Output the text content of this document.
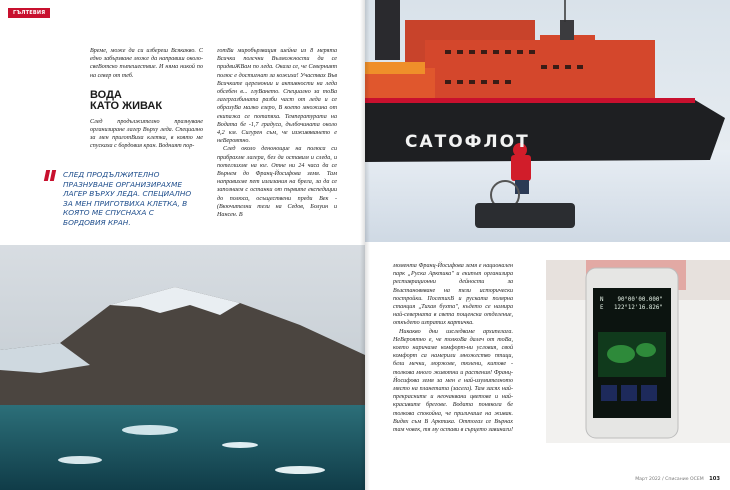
ГЪЛТЕВИЯ

Време, може да си избереш Всякакво. С едно забързване може да направиш около-свеВотско пътешествие. И няма никой по на север от теб.

ВОДА
КАТО ЖИВАК

След продължително празнуване организиране лагер Върху леда. Специално за мен приготВиха клетка, в която ме спускаха с бордовия кран. Водният пор-

СЛЕД ПРОДЪЛЖИТЕЛНО ПРАЗНУВАНЕ ОРГАНИЗИРАХМЕ ЛАГЕР ВЪРХУ ЛЕДА. СПЕЦИАЛНО ЗА МЕН ПРИГОТВИХА КЛЕТКА, В КОЯТО МЕ СПУСНАХА С БОРДОВИЯ КРАН.

готВи миробързвация шейна из 8 мерята Всички полсчни Възможности да се придвиЖВам по леда. Оказа се, че Северният полюс е достигнат за кожиха! Участвах Във Всичките церемонии и активности на леда обсебен в... глуВането. Специално за тоВа лагергазбината разби част от леда и се образуВа малко езеро, В което множина от екипажа се потапяха. Температурата на Водата бе -1,7 градуса, дълбочината около 4,2 км. Сигурен съм, че изживяването е неВероятно.

След около денонощие на полюса си прибрахме лагера, без да оставим и следа, и потеглихме на юг. Отне ни 24 часа да се Върнем до Франц-Йосифова земя. Там направихме пет излизания на брега, за да се запознаем с останки от първите експедиции до полюса, осъществени преди Век - (Вкючителни тези на Седов, Болуин и Нансен. В

САТОФЛОТ

момента Франц-Йосифова земя е национален парк „Руска Арктика" и екипът организира реставрационни дейности за Възстановяване на тези исторически постройки. ПосетихВ и руската полярна станция „Тихая бухта", където се намира най-северната в света пощенска отделение, откъдето изпратих картичка.

Никакво дни изследваме архипелага. НеВероятно е, че толкоВа далеч от тоВа, което наричаме комфорт-ни условия, свой комфорт са намерили множество птици, бели мечки, моржове, тюлени, китове - толкова много животни и растения! Франц-Йосифова земя за мен е най-изумителното място на планетата (засега). Там засях най-прекрасните и неочаквани цветове и най-красивите брегове. Водата понякога бе толкова спокойна, че приличаше на живак. Видях съм В Арктика. Оттогаз се Върнах там човек, тя му остави в сърцето завинаги!

N    90°00'00.000"
E   122°12'16.826"
Март 2022 / Списание ОСЕМ 103
